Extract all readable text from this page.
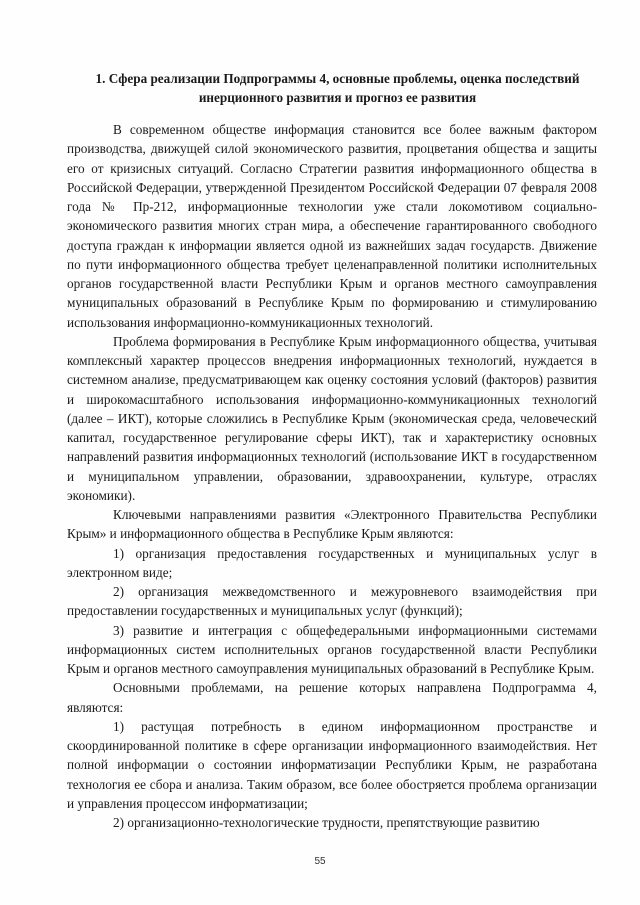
1. Сфера реализации Подпрограммы 4, основные проблемы, оценка последствий инерционного развития и прогноз ее развития

В современном обществе информация становится все более важным фактором производства, движущей силой экономического развития, процветания общества и защиты его от кризисных ситуаций. Согласно Стратегии развития информационного общества в Российской Федерации, утвержденной Президентом Российской Федерации 07 февраля 2008 года № Пр-212, информационные технологии уже стали локомотивом социально-экономического развития многих стран мира, а обеспечение гарантированного свободного доступа граждан к информации является одной из важнейших задач государств. Движение по пути информационного общества требует целенаправленной политики исполнительных органов государственной власти Республики Крым и органов местного самоуправления муниципальных образований в Республике Крым по формированию и стимулированию использования информационно-коммуникационных технологий.

Проблема формирования в Республике Крым информационного общества, учитывая комплексный характер процессов внедрения информационных технологий, нуждается в системном анализе, предусматривающем как оценку состояния условий (факторов) развития и широкомасштабного использования информационно-коммуникационных технологий (далее – ИКТ), которые сложились в Республике Крым (экономическая среда, человеческий капитал, государственное регулирование сферы ИКТ), так и характеристику основных направлений развития информационных технологий (использование ИКТ в государственном и муниципальном управлении, образовании, здравоохранении, культуре, отраслях экономики).

Ключевыми направлениями развития «Электронного Правительства Республики Крым» и информационного общества в Республике Крым являются:

1) организация предоставления государственных и муниципальных услуг в электронном виде;

2) организация межведомственного и межуровневого взаимодействия при предоставлении государственных и муниципальных услуг (функций);

3) развитие и интеграция с общефедеральными информационными системами информационных систем исполнительных органов государственной власти Республики Крым и органов местного самоуправления муниципальных образований в Республике Крым.

Основными проблемами, на решение которых направлена Подпрограмма 4, являются:

1) растущая потребность в едином информационном пространстве и скоординированной политике в сфере организации информационного взаимодействия. Нет полной информации о состоянии информатизации Республики Крым, не разработана технология ее сбора и анализа. Таким образом, все более обостряется проблема организации и управления процессом информатизации;

2) организационно-технологические трудности, препятствующие развитию

55
